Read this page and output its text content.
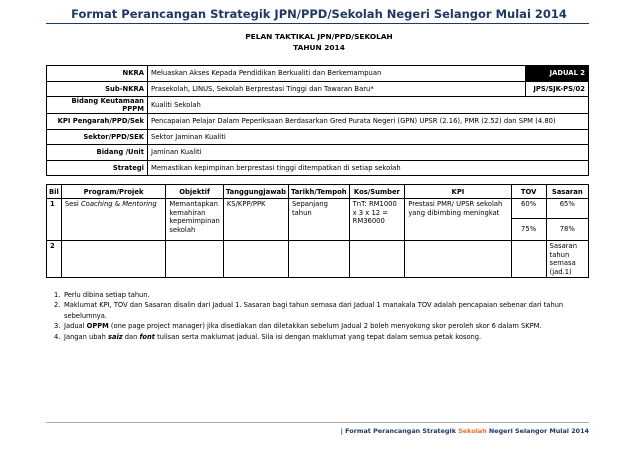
Format Perancangan Strategik JPN/PPD/Sekolah Negeri Selangor Mulai 2014
PELAN TAKTIKAL JPN/PPD/SEKOLAH
TAHUN 2014
NKRA	Meluaskan Akses Kepada Pendidikan Berkualiti dan Berkemampuan	JADUAL 2
Sub-NKRA	Prasekolah, LINUS, Sekolah Berprestasi Tinggi dan Tawaran Baru*	JPS/SJK-PS/02
Bidang Keutamaan PPPM	Kualiti Sekolah	
KPI Pengarah/PPD/Sek	Pencapaian Pelajar Dalam Peperiksaan Berdasarkan Gred Purata Negeri (GPN) UPSR (2.16), PMR (2.52) dan SPM (4.80)	
Sektor/PPD/SEK	Sektor Jaminan Kualiti	
Bidang /Unit	Jaminan Kualiti	
Strategi	Memastikan kepimpinan berprestasi tinggi ditempatkan di setiap sekolah	
Bil	Program/Projek	Objektif	Tanggungjawab	Tarikh/Tempoh	Kos/Sumber	KPI	TOV	Sasaran
1	Sesi Coaching & Mentoring	Memantapkan kemahiran kepemimpinan sekolah	KS/KPP/PPK	Sepanjang tahun	TnT: RM1000 x 3 x 12 = RM36000	Prestasi PMR/ UPSR sekolah yang dibimbing meningkat	60%	65%
							75%	78%
2								Sasaran tahun semasa (jad.1)
1. Perlu dibina setiap tahun.
2. Maklumat KPI, TOV dan Sasaran disalin dari Jadual 1. Sasaran bagi tahun semasa dari Jadual 1 manakala TOV adalah pencapaian sebenar dari tahun sebelumnya.
3. Jadual OPPM (one page project manager) jika disediakan dan diletakkan sebelum Jadual 2 boleh menyokong skor peroleh skor 6 dalam SKPM.
4. Jangan ubah saiz dan font tulisan serta maklumat jadual. Sila isi dengan maklumat yang tepat dalam semua petak kosong.
| Format Perancangan Strategik Sekolah Negeri Selangor Mulai 2014
